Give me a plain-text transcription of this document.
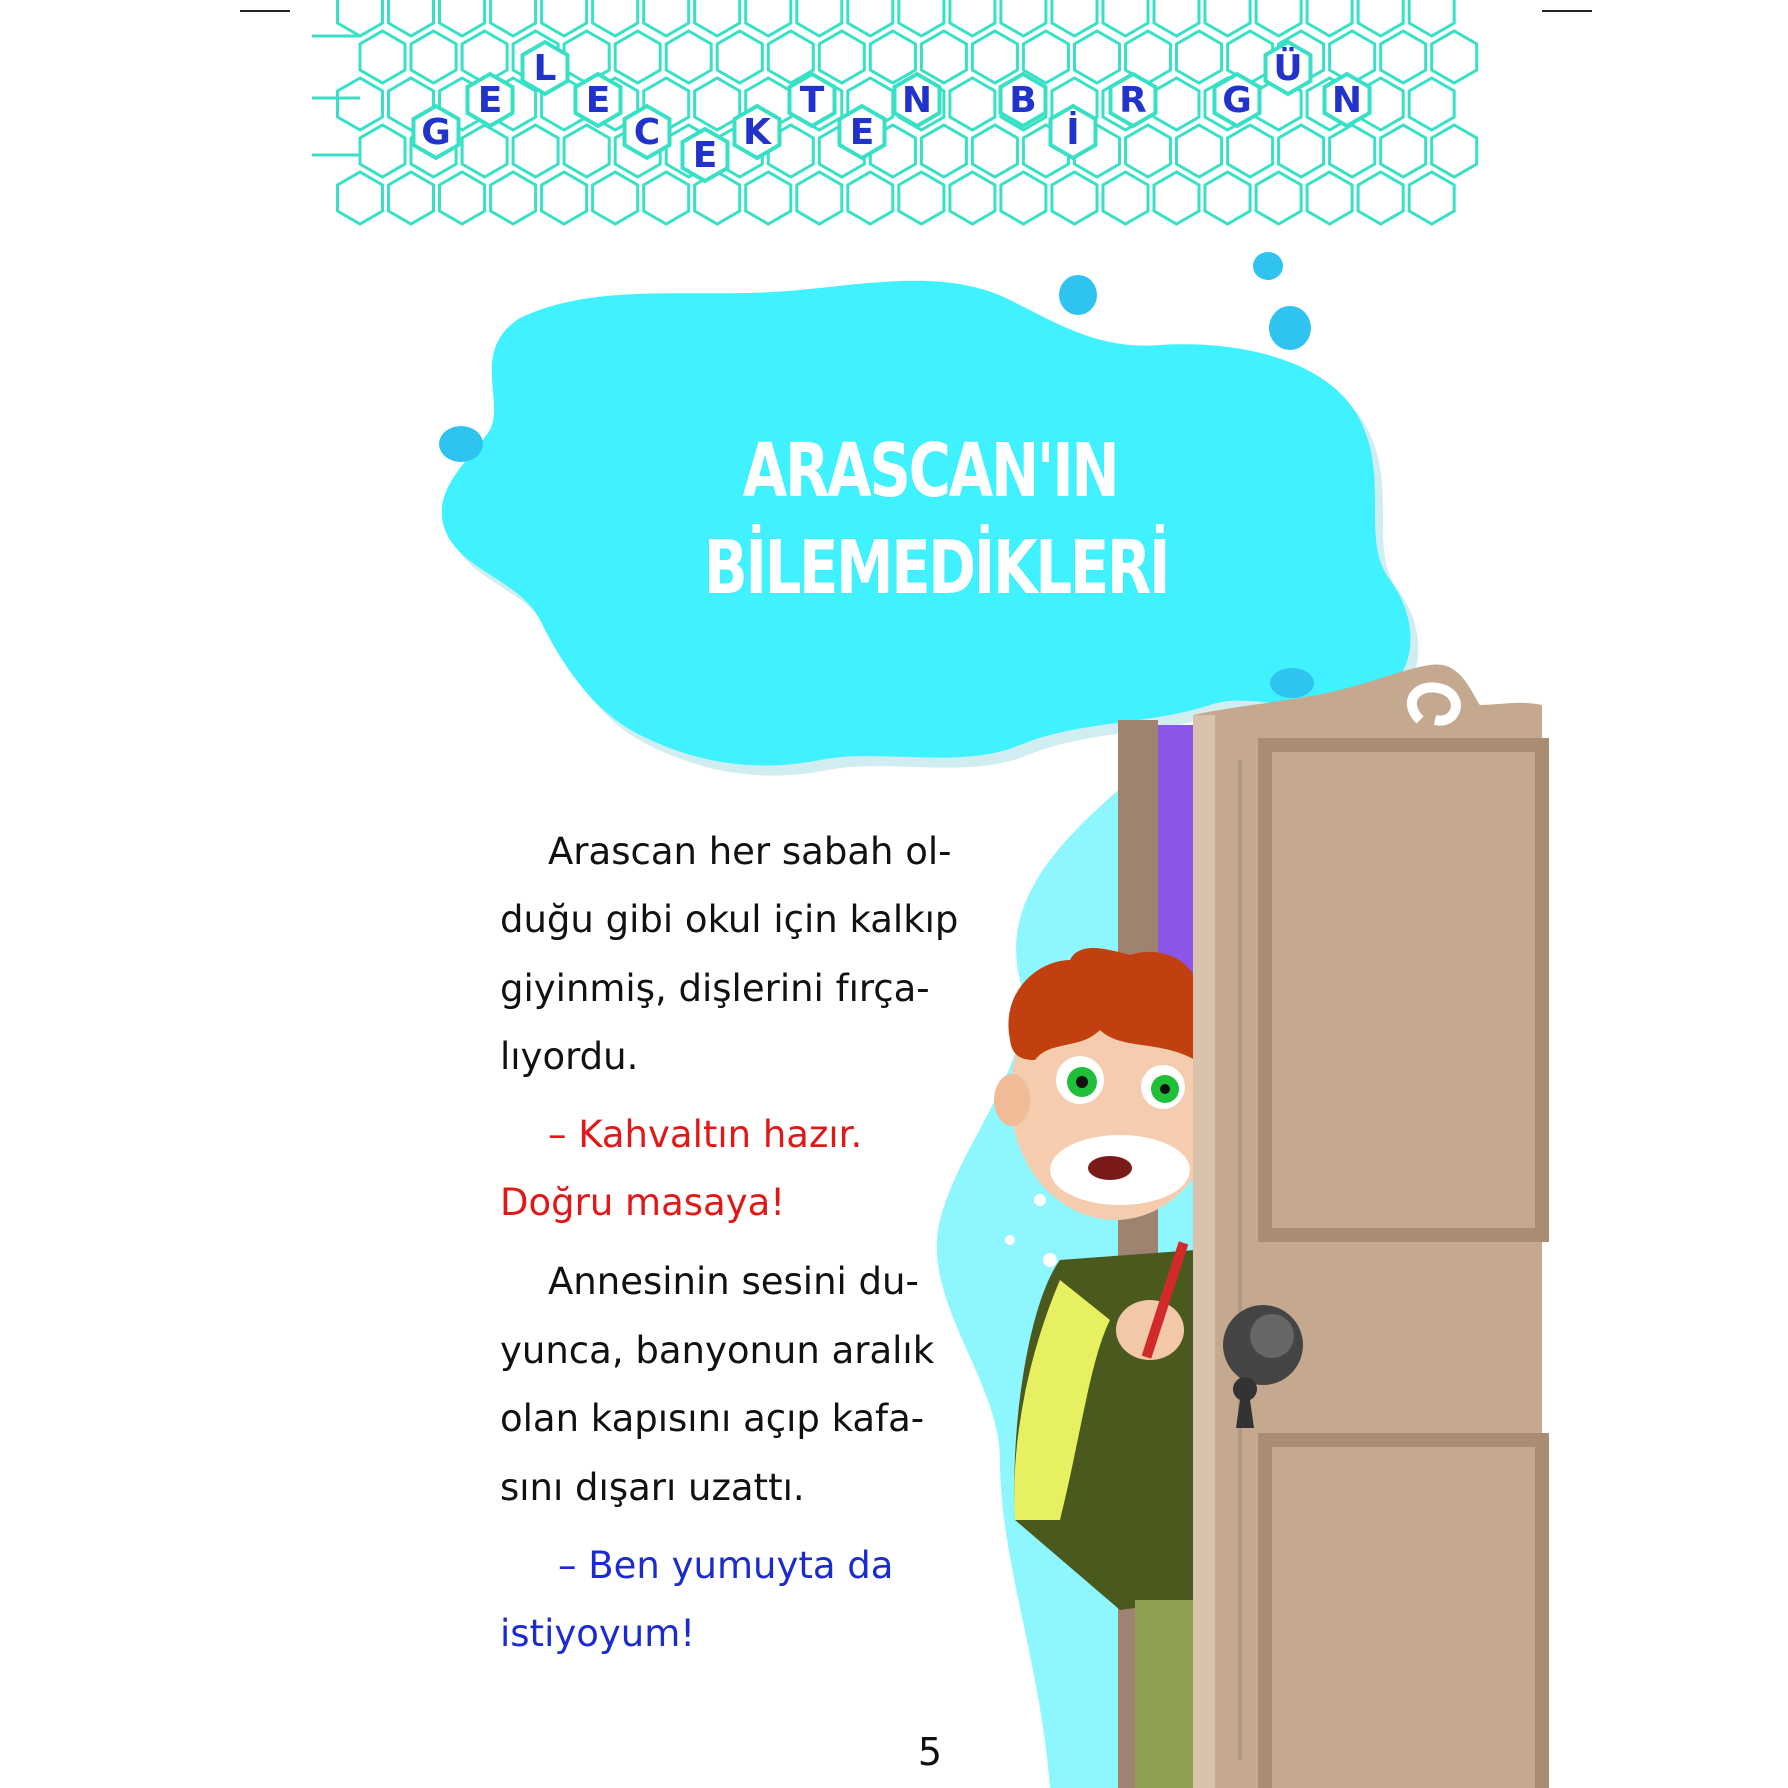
G
E
L
E
C
E
K
T
E
N B
İ
R G
Ü
N
ARASCAN'IN
BİLEMEDİKLERİ
Arascan her sabah ol-
duğu gibi okul için kalkıp
giyinmiş, dişlerini fırça-
lıyordu.
– Kahvaltın hazır.
Doğru masaya!
Annesinin sesini du-
yunca, banyonun aralık
olan kapısını açıp kafa-
sını dışarı uzattı.
– Ben yumuyta da
istiyoyum!
5
